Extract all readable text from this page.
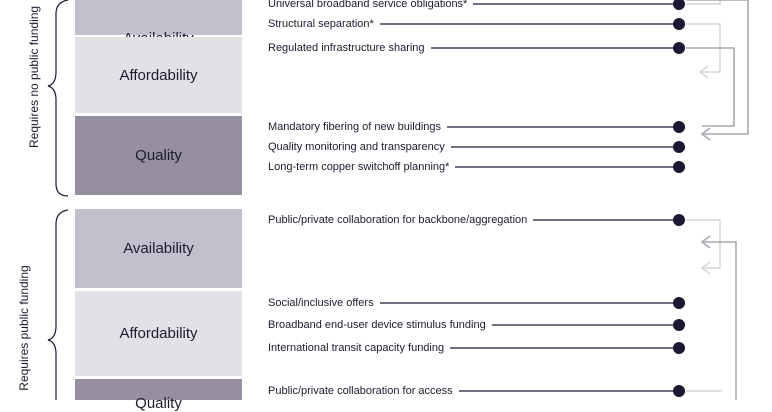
Requires no public funding
Requires public funding
Affordability
Quality
Availability
Affordability
Quality
Universal broadband service obligations*
Structural separation*
Regulated infrastructure sharing
Mandatory fibering of new buildings
Quality monitoring and transparency
Long-term copper switchoff planning*
Public/private collaboration for backbone/aggregation
Social/inclusive offers
Broadband end-user device stimulus funding
International transit capacity funding
Public/private collaboration for access
